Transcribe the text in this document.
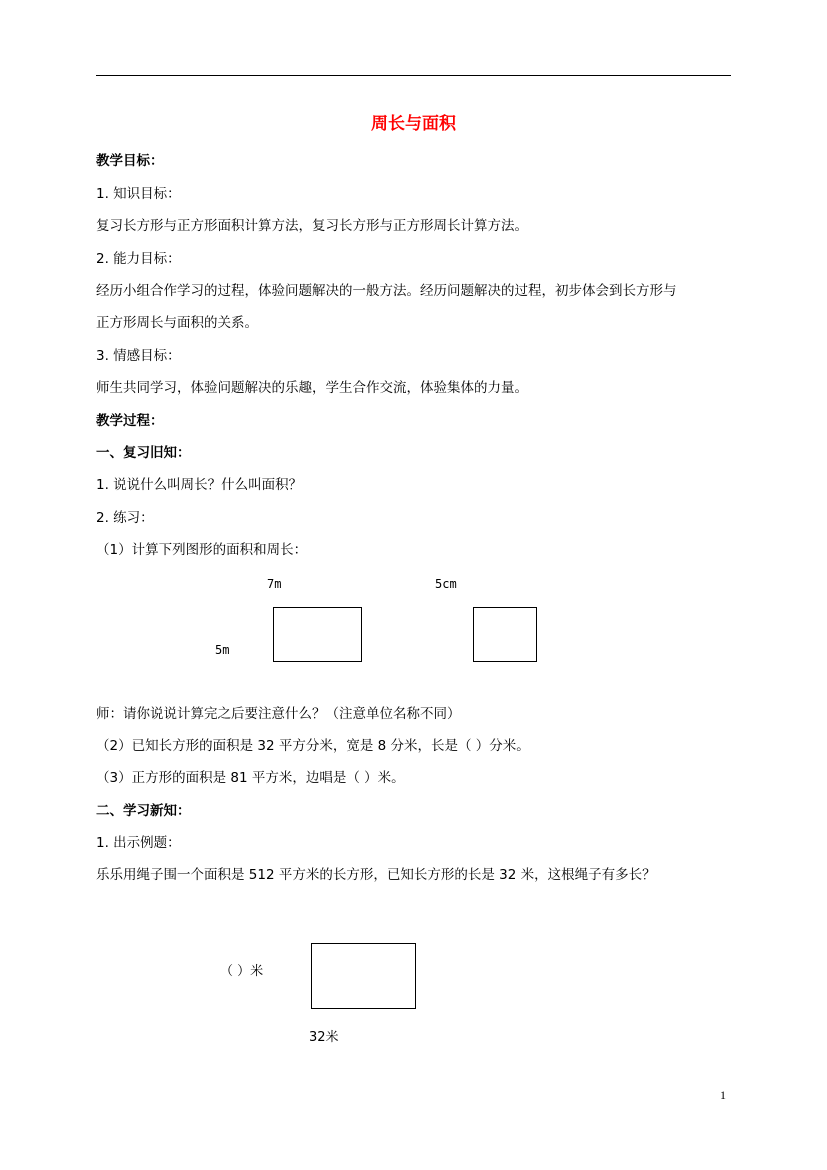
周长与面积
教学目标：
1. 知识目标：
复习长方形与正方形面积计算方法，复习长方形与正方形周长计算方法。
2. 能力目标：
经历小组合作学习的过程，体验问题解决的一般方法。经历问题解决的过程，初步体会到长方形与
正方形周长与面积的关系。
3. 情感目标：
师生共同学习，体验问题解决的乐趣，学生合作交流，体验集体的力量。
教学过程：
一、复习旧知：
1. 说说什么叫周长？什么叫面积？
2. 练习：
（1）计算下列图形的面积和周长：
7m
5m
5cm
师：请你说说计算完之后要注意什么？（注意单位名称不同）
（2）已知长方形的面积是 32 平方分米，宽是 8 分米，长是（ ）分米。
（3）正方形的面积是 81 平方米，边唱是（ ）米。
二、学习新知：
1. 出示例题：
乐乐用绳子围一个面积是 512 平方米的长方形，已知长方形的长是 32 米，这根绳子有多长？
（ ）米
32米
1
